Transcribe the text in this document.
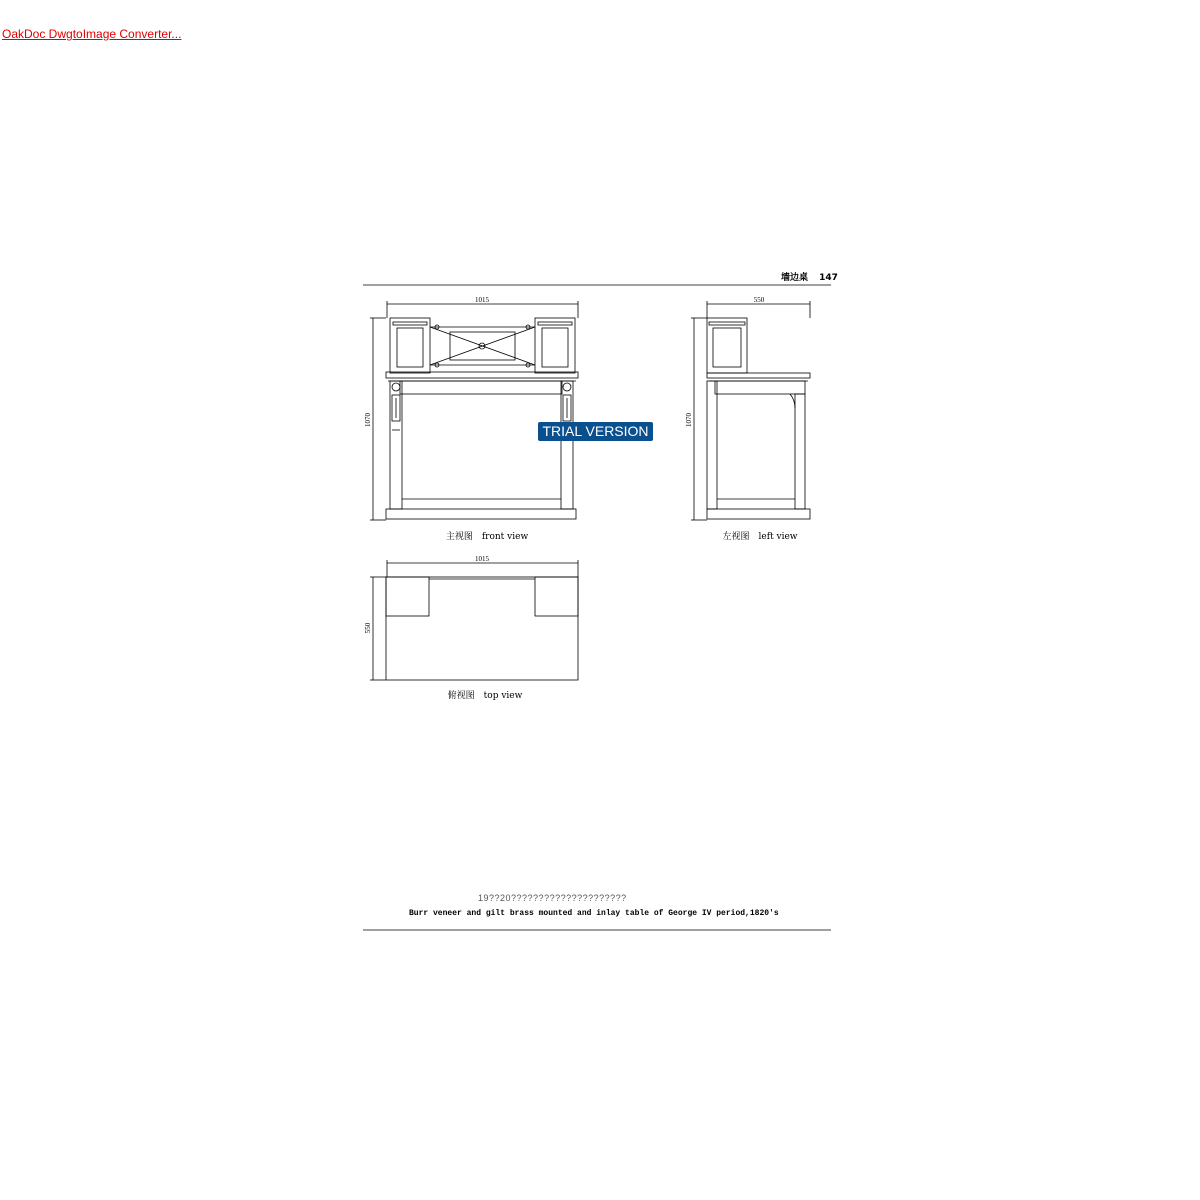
OakDoc DwgtoImage Converter...
墙边桌 147
1015
1070
550
1070
1015
550
主视图　front view	左视图　left view
俯视图　top view
TRIAL VERSION
19??20?????????????????????
Burr veneer and gilt brass mounted and inlay table of George IV period,1820's
